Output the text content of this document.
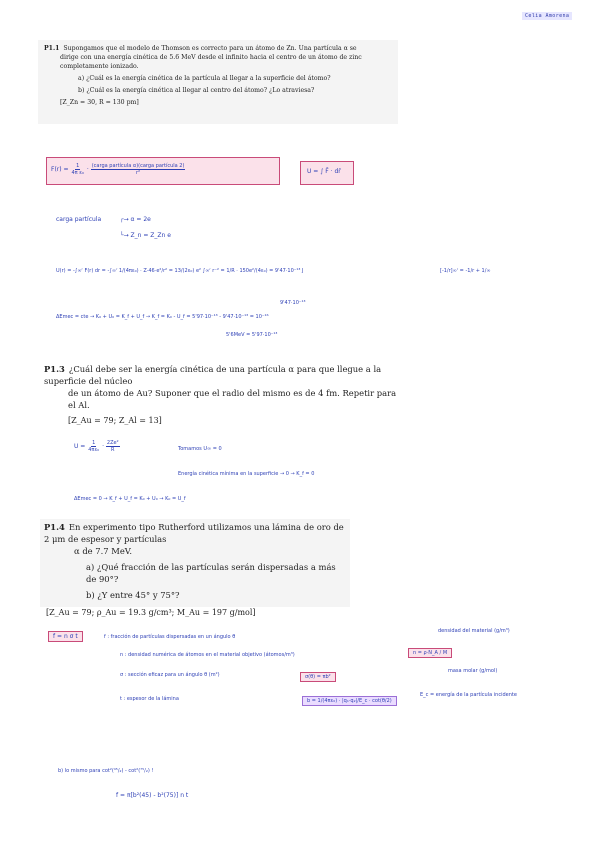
Celia Amorena
P1.1 Supongamos que el modelo de Thomson es correcto para un átomo de Zn. Una partícula α se
dirige con una energía cinética de 5.6 MeV desde el infinito hacia el centro de un átomo de zinc
completamente ionizado.
a) ¿Cuál es la energía cinética de la partícula al llegar a la superficie del átomo?
b) ¿Cuál es la energía cinética al llegar al centro del átomo? ¿Lo atraviesa?
[Z_Zn = 30, R = 130 pm]
$F(r) = \frac{1}{\text{4π ε₀}} \cdot \frac{\text{(carga partícula α)(carga partícula 2)}}{\text{r²}}$	U = ∫ F̄ · dr̄
carga partícula	┌→ α = 2e
└→ Z_n = Z_Zn e
U(r) = -∫∞ʳ F(r) dr = -∫∞ʳ 1/(4πε₀) · Z·46·e²/r² = 13/(2ε₀) e² ∫∞ʳ r⁻² = 1/R · 150e²/(4ε₀) = 9'47·10⁻¹³ J	[-1/r]∞ʳ = -1/r + 1/∞
9'47·10⁻¹³
ΔEmec = cte → K₀ + U₀ = K_f + U_f → K_f = K₀ - U_f = 5'97·10⁻¹³ - 9'47·10⁻¹³ = 10⁻¹⁶
5'6MeV = 5'97·10⁻¹³
P1.3 ¿Cuál debe ser la energía cinética de una partícula α para que llegue a la superficie del núcleo
de un átomo de Au? Suponer que el radio del mismo es de 4 fm. Repetir para el Al.
[Z_Au = 79; Z_Al = 13]
$U = \frac{1}{\text{4πε₀}} \cdot \frac{\text{2Ze²}}{R}$	Tomamos U∞ = 0
Energía cinética mínima en la superficie → 0 → K_f = 0
ΔEmec = 0 → K_f + U_f = K₀ + U₀ → K₀ = U_f
P1.4 En experimento tipo Rutherford utilizamos una lámina de oro de 2 μm de espesor y partículas
α de 7.7 MeV.
a) ¿Qué fracción de las partículas serán dispersadas a más de 90°?
b) ¿Y entre 45° y 75°?
[Z_Au = 79; ρ_Au = 19.3 g/cm³; M_Au = 197 g/mol]
f = n σ t	f : fracción de partículas dispersadas en un ángulo θ
n : densidad numérica de átomos en el material objetivo (átomos/m³)
σ : sección eficaz para un ángulo θ (m²)
t : espesor de la lámina
n = ρ·N_A / M
densidad del material (g/m³)
masa molar (g/mol)
σ(θ) = πb²
b = 1/(4πε₀) · |q₁·q₂|/E_c · cot(θ/2)
E_c = energía de la partícula incidente
b) lo mismo para cot²(⁴⁵/₂) - cot²(⁷⁵/₂) !
f = π[b²(45) - b²(75)] n t
